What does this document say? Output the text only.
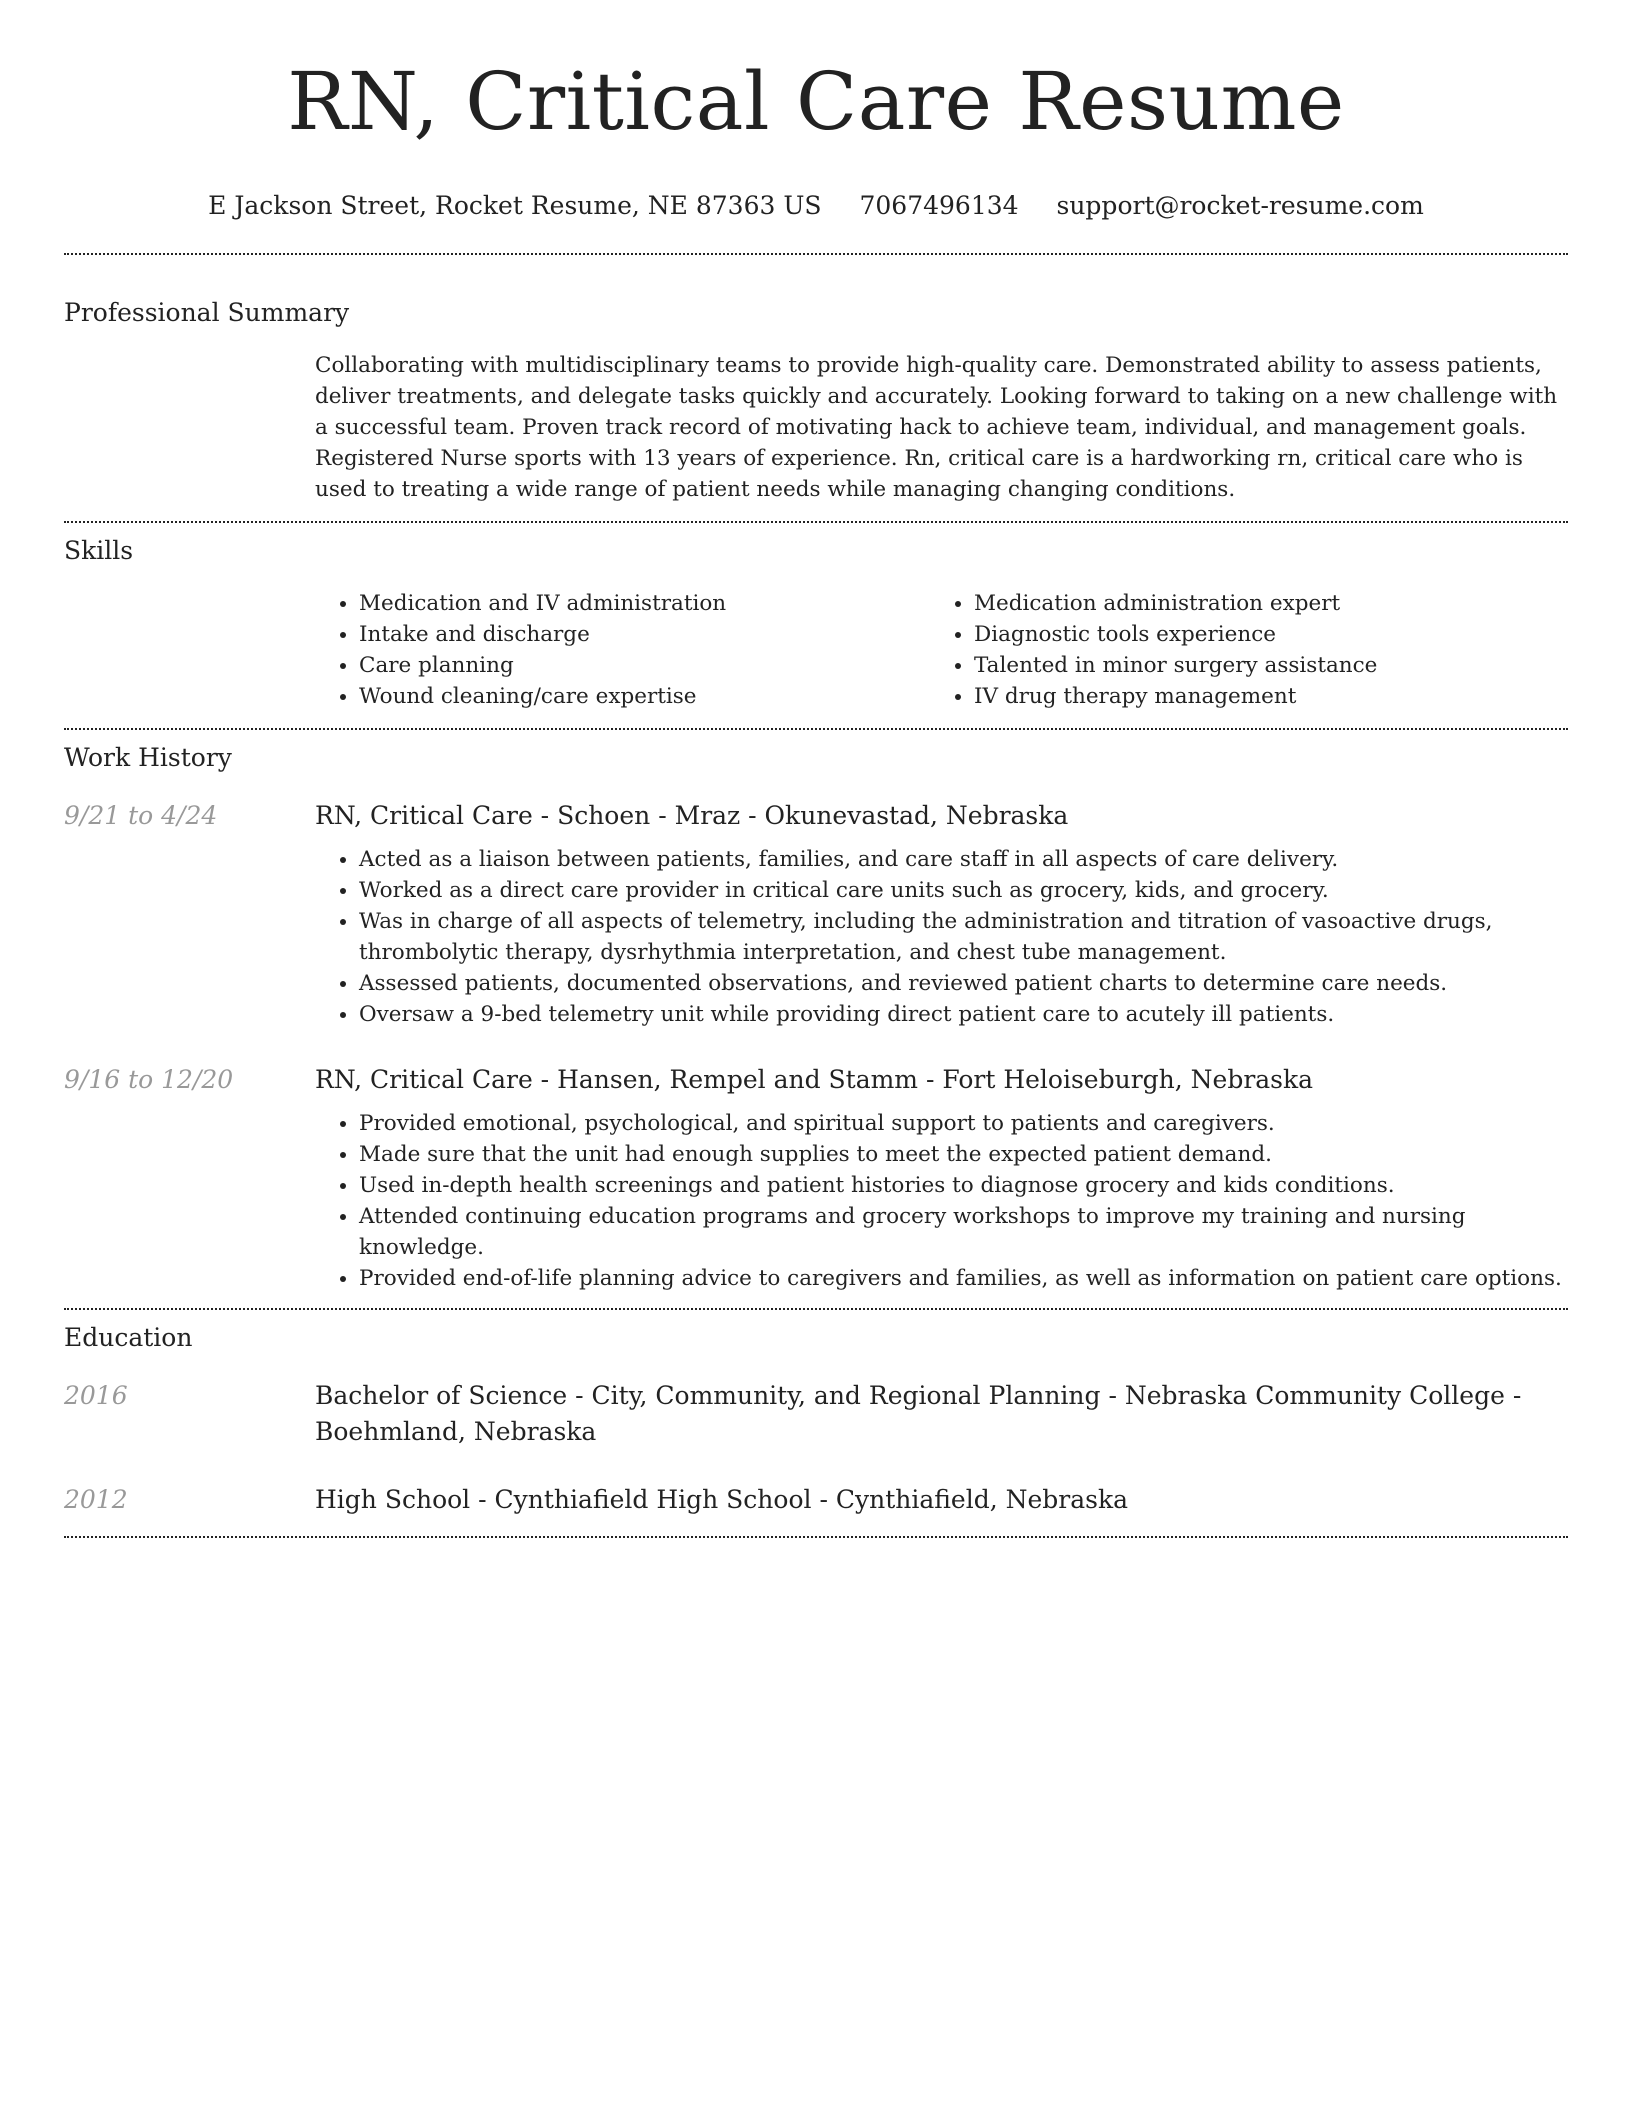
RN, Critical Care Resume
E Jackson Street, Rocket Resume, NE 87363 US 7067496134 support@rocket-resume.com
Professional Summary

Collaborating with multidisciplinary teams to provide high-quality care. Demonstrated ability to assess patients, deliver treatments, and delegate tasks quickly and accurately. Looking forward to taking on a new challenge with a successful team. Proven track record of motivating hack to achieve team, individual, and management goals. Registered Nurse sports with 13 years of experience. Rn, critical care is a hardworking rn, critical care who is used to treating a wide range of patient needs while managing changing conditions.

Skills
• Medication and IV administration
• Intake and discharge
• Care planning
• Wound cleaning/care expertise
• Medication administration expert
• Diagnostic tools experience
• Talented in minor surgery assistance
• IV drug therapy management
Work History
9/21 to 4/24	RN, Critical Care - Schoen - Mraz - Okunevastad, Nebraska
• Acted as a liaison between patients, families, and care staff in all aspects of care delivery.
• Worked as a direct care provider in critical care units such as grocery, kids, and grocery.
• Was in charge of all aspects of telemetry, including the administration and titration of vasoactive drugs, thrombolytic therapy, dysrhythmia interpretation, and chest tube management.
• Assessed patients, documented observations, and reviewed patient charts to determine care needs.
• Oversaw a 9-bed telemetry unit while providing direct patient care to acutely ill patients.
9/16 to 12/20	RN, Critical Care - Hansen, Rempel and Stamm - Fort Heloiseburgh, Nebraska
• Provided emotional, psychological, and spiritual support to patients and caregivers.
• Made sure that the unit had enough supplies to meet the expected patient demand.
• Used in-depth health screenings and patient histories to diagnose grocery and kids conditions.
• Attended continuing education programs and grocery workshops to improve my training and nursing knowledge.
• Provided end-of-life planning advice to caregivers and families, as well as information on patient care options.
Education
2016	Bachelor of Science - City, Community, and Regional Planning - Nebraska Community College - Boehmland, Nebraska
2012	High School - Cynthiafield High School - Cynthiafield, Nebraska
